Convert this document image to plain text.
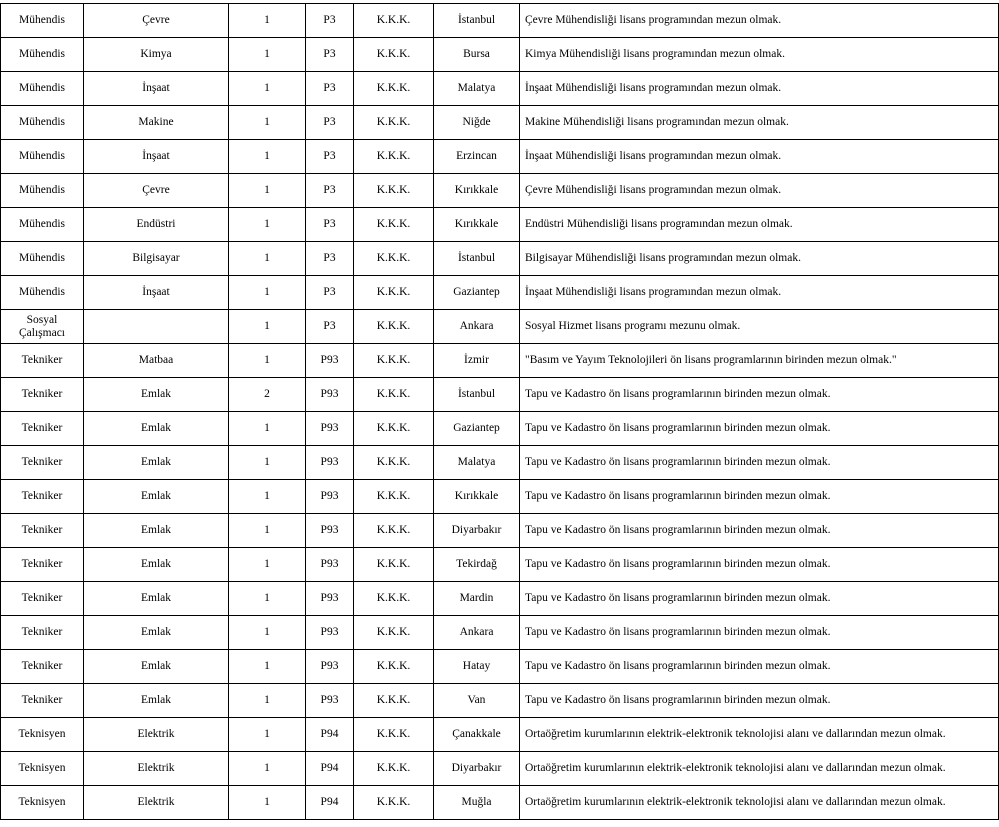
Mühendis	Çevre	1	P3	K.K.K.	İstanbul	Çevre Mühendisliği lisans programından mezun olmak.
Mühendis	Kimya	1	P3	K.K.K.	Bursa	Kimya Mühendisliği lisans programından mezun olmak.
Mühendis	İnşaat	1	P3	K.K.K.	Malatya	İnşaat Mühendisliği lisans programından mezun olmak.
Mühendis	Makine	1	P3	K.K.K.	Niğde	Makine Mühendisliği lisans programından mezun olmak.
Mühendis	İnşaat	1	P3	K.K.K.	Erzincan	İnşaat Mühendisliği lisans programından mezun olmak.
Mühendis	Çevre	1	P3	K.K.K.	Kırıkkale	Çevre Mühendisliği lisans programından mezun olmak.
Mühendis	Endüstri	1	P3	K.K.K.	Kırıkkale	Endüstri Mühendisliği lisans programından mezun olmak.
Mühendis	Bilgisayar	1	P3	K.K.K.	İstanbul	Bilgisayar Mühendisliği lisans programından mezun olmak.
Mühendis	İnşaat	1	P3	K.K.K.	Gaziantep	İnşaat Mühendisliği lisans programından mezun olmak.
Sosyal Çalışmacı		1	P3	K.K.K.	Ankara	Sosyal Hizmet lisans programı mezunu olmak.
Tekniker	Matbaa	1	P93	K.K.K.	İzmir	"Basım ve Yayım Teknolojileri ön lisans programlarının birinden mezun olmak."
Tekniker	Emlak	2	P93	K.K.K.	İstanbul	Tapu ve Kadastro ön lisans programlarının birinden mezun olmak.
Tekniker	Emlak	1	P93	K.K.K.	Gaziantep	Tapu ve Kadastro ön lisans programlarının birinden mezun olmak.
Tekniker	Emlak	1	P93	K.K.K.	Malatya	Tapu ve Kadastro ön lisans programlarının birinden mezun olmak.
Tekniker	Emlak	1	P93	K.K.K.	Kırıkkale	Tapu ve Kadastro ön lisans programlarının birinden mezun olmak.
Tekniker	Emlak	1	P93	K.K.K.	Diyarbakır	Tapu ve Kadastro ön lisans programlarının birinden mezun olmak.
Tekniker	Emlak	1	P93	K.K.K.	Tekirdağ	Tapu ve Kadastro ön lisans programlarının birinden mezun olmak.
Tekniker	Emlak	1	P93	K.K.K.	Mardin	Tapu ve Kadastro ön lisans programlarının birinden mezun olmak.
Tekniker	Emlak	1	P93	K.K.K.	Ankara	Tapu ve Kadastro ön lisans programlarının birinden mezun olmak.
Tekniker	Emlak	1	P93	K.K.K.	Hatay	Tapu ve Kadastro ön lisans programlarının birinden mezun olmak.
Tekniker	Emlak	1	P93	K.K.K.	Van	Tapu ve Kadastro ön lisans programlarının birinden mezun olmak.
Teknisyen	Elektrik	1	P94	K.K.K.	Çanakkale	Ortaöğretim kurumlarının elektrik-elektronik teknolojisi alanı ve dallarından mezun olmak.
Teknisyen	Elektrik	1	P94	K.K.K.	Diyarbakır	Ortaöğretim kurumlarının elektrik-elektronik teknolojisi alanı ve dallarından mezun olmak.
Teknisyen	Elektrik	1	P94	K.K.K.	Muğla	Ortaöğretim kurumlarının elektrik-elektronik teknolojisi alanı ve dallarından mezun olmak.
